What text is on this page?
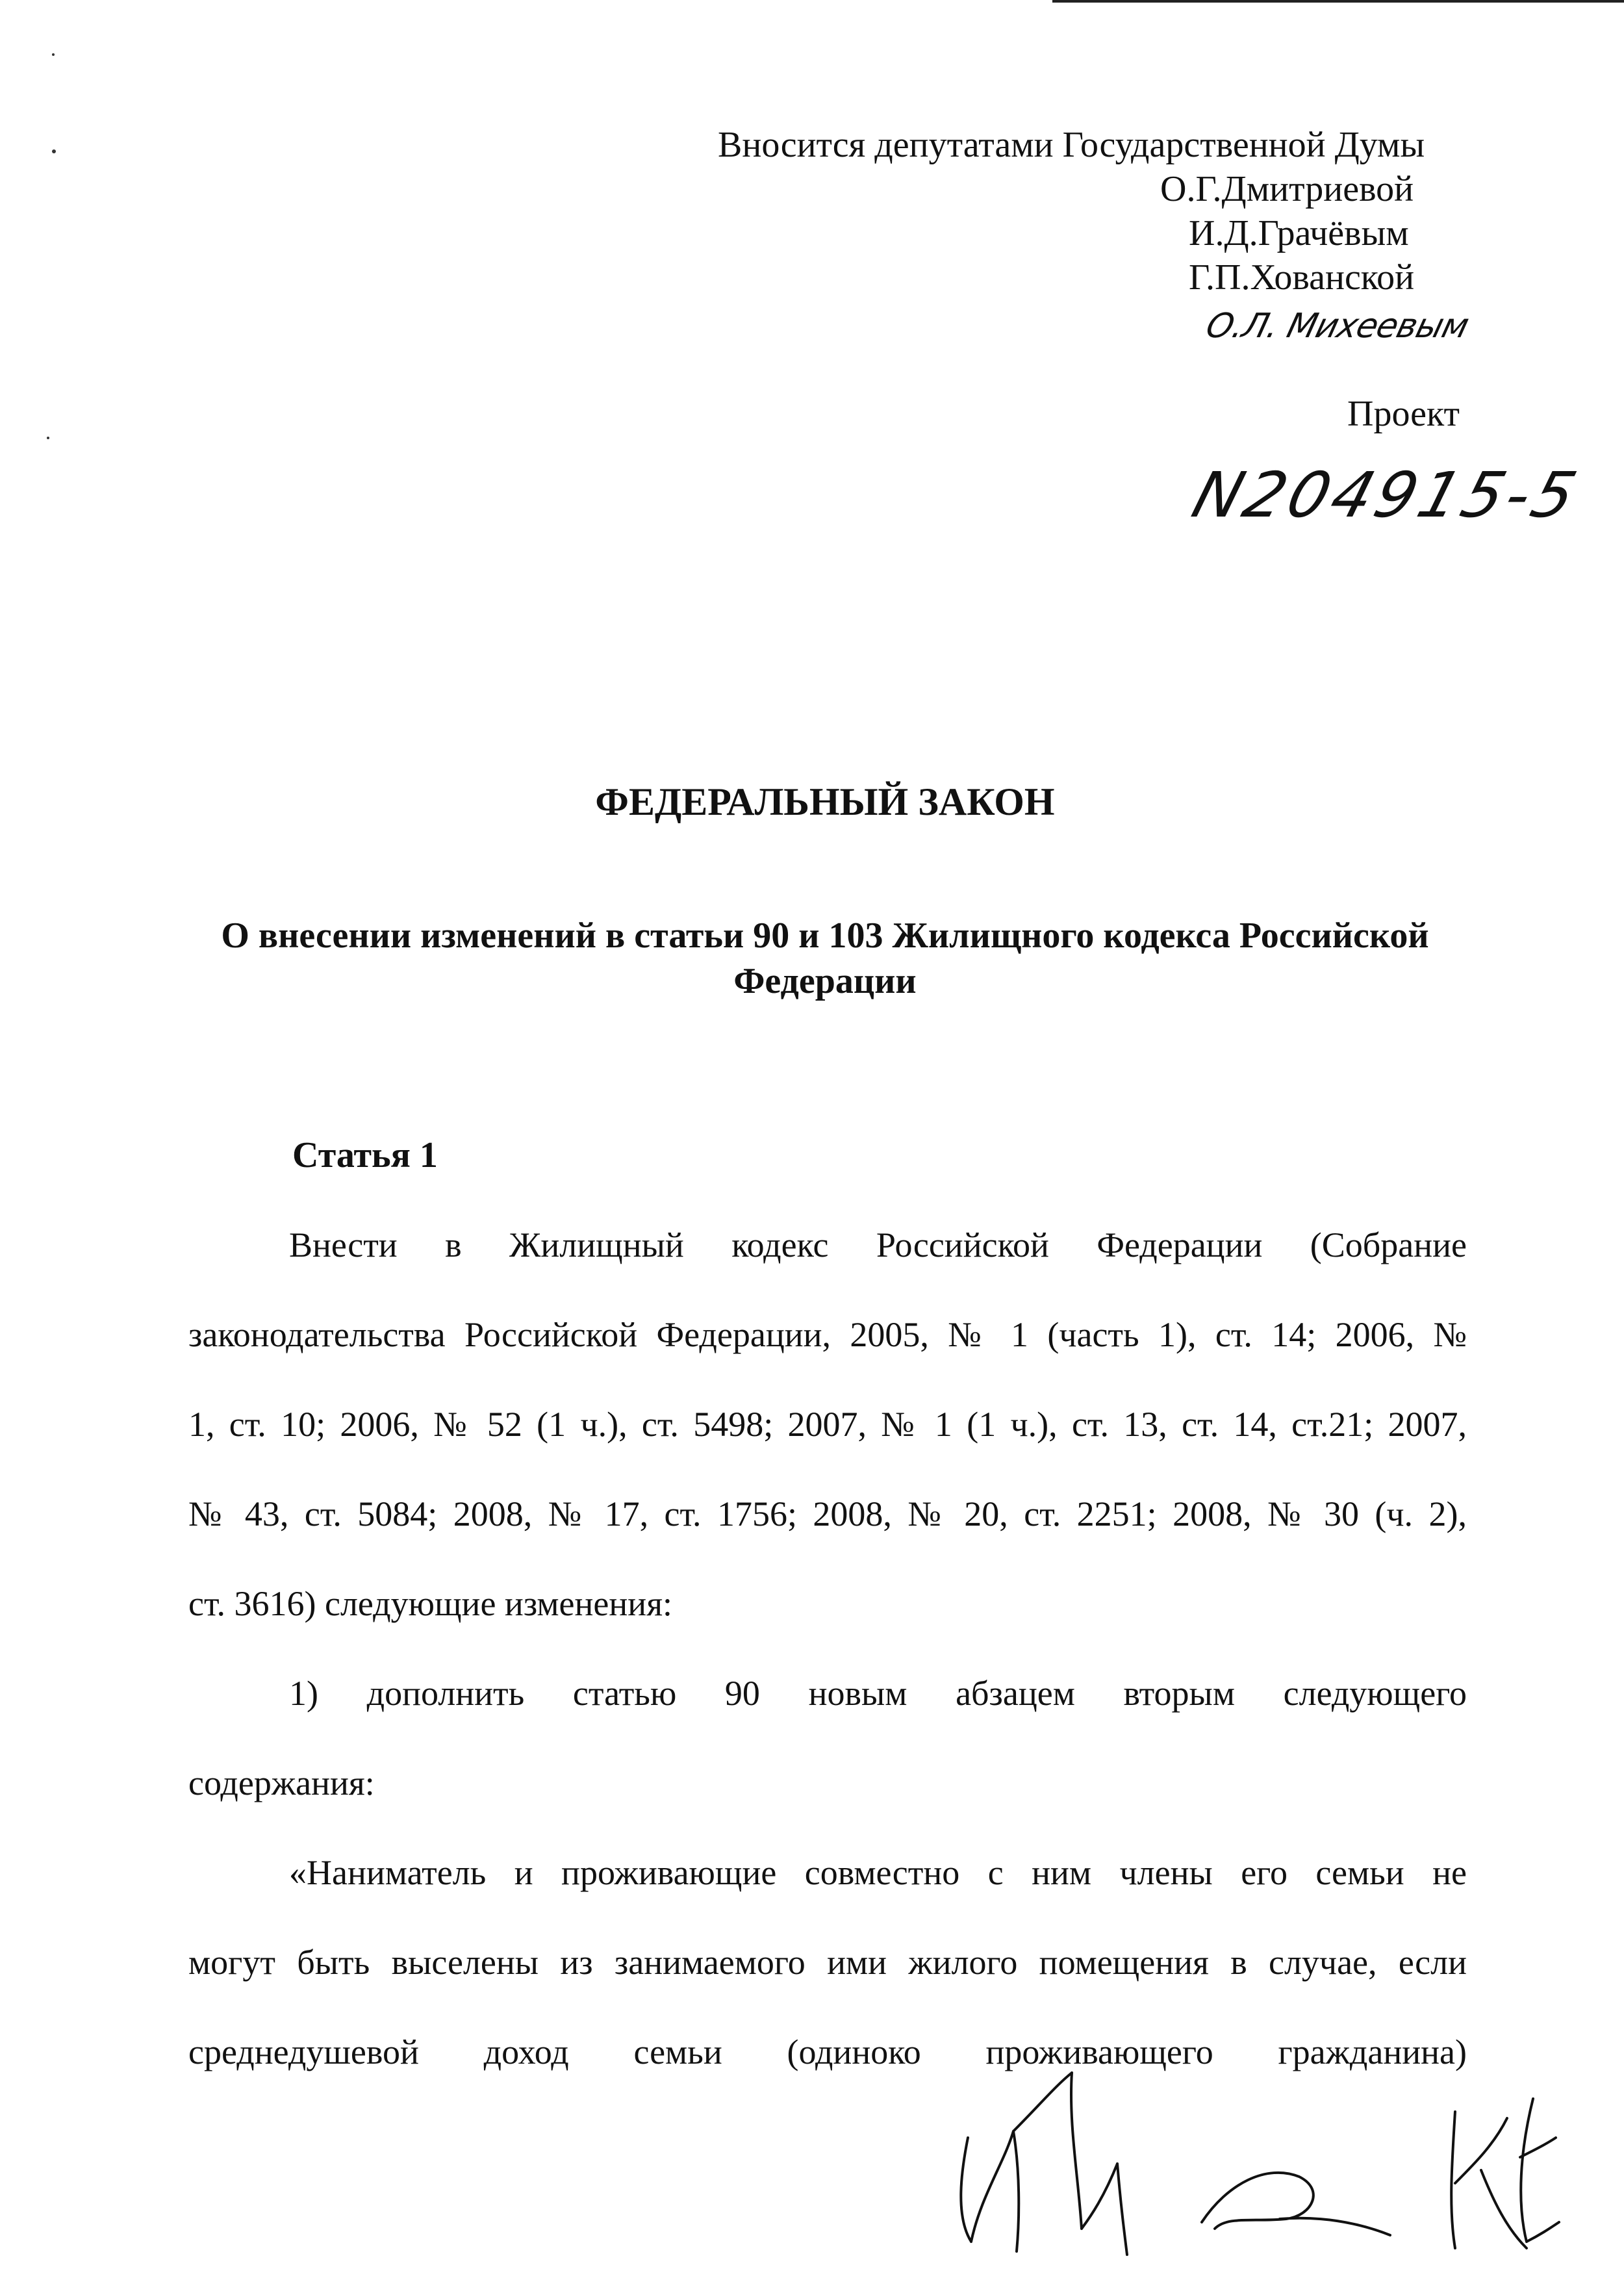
Вносится депутатами Государственной Думы
О.Г.Дмитриевой
И.Д.Грачёвым
Г.П.Хованской
О.Л. Михеевым
Проект
N204915-5
ФЕДЕРАЛЬНЫЙ ЗАКОН
О внесении изменений в статьи 90 и 103 Жилищного кодекса Российской
Федерации
Статья 1
Внести в Жилищный кодекс Российской Федерации (Собрание
законодательства Российской Федерации, 2005, № 1 (часть 1), ст. 14; 2006, №
1, ст. 10; 2006, № 52 (1 ч.), ст. 5498; 2007, № 1 (1 ч.), ст. 13, ст. 14, ст.21; 2007,
№ 43, ст. 5084; 2008, № 17, ст. 1756; 2008, № 20, ст. 2251; 2008, № 30 (ч. 2),
ст. 3616) следующие изменения:
1) дополнить статью 90 новым абзацем вторым следующего
содержания:
«Наниматель и проживающие совместно с ним члены его семьи не
могут быть выселены из занимаемого ими жилого помещения в случае, если
среднедушевой доход семьи (одиноко проживающего гражданина)
